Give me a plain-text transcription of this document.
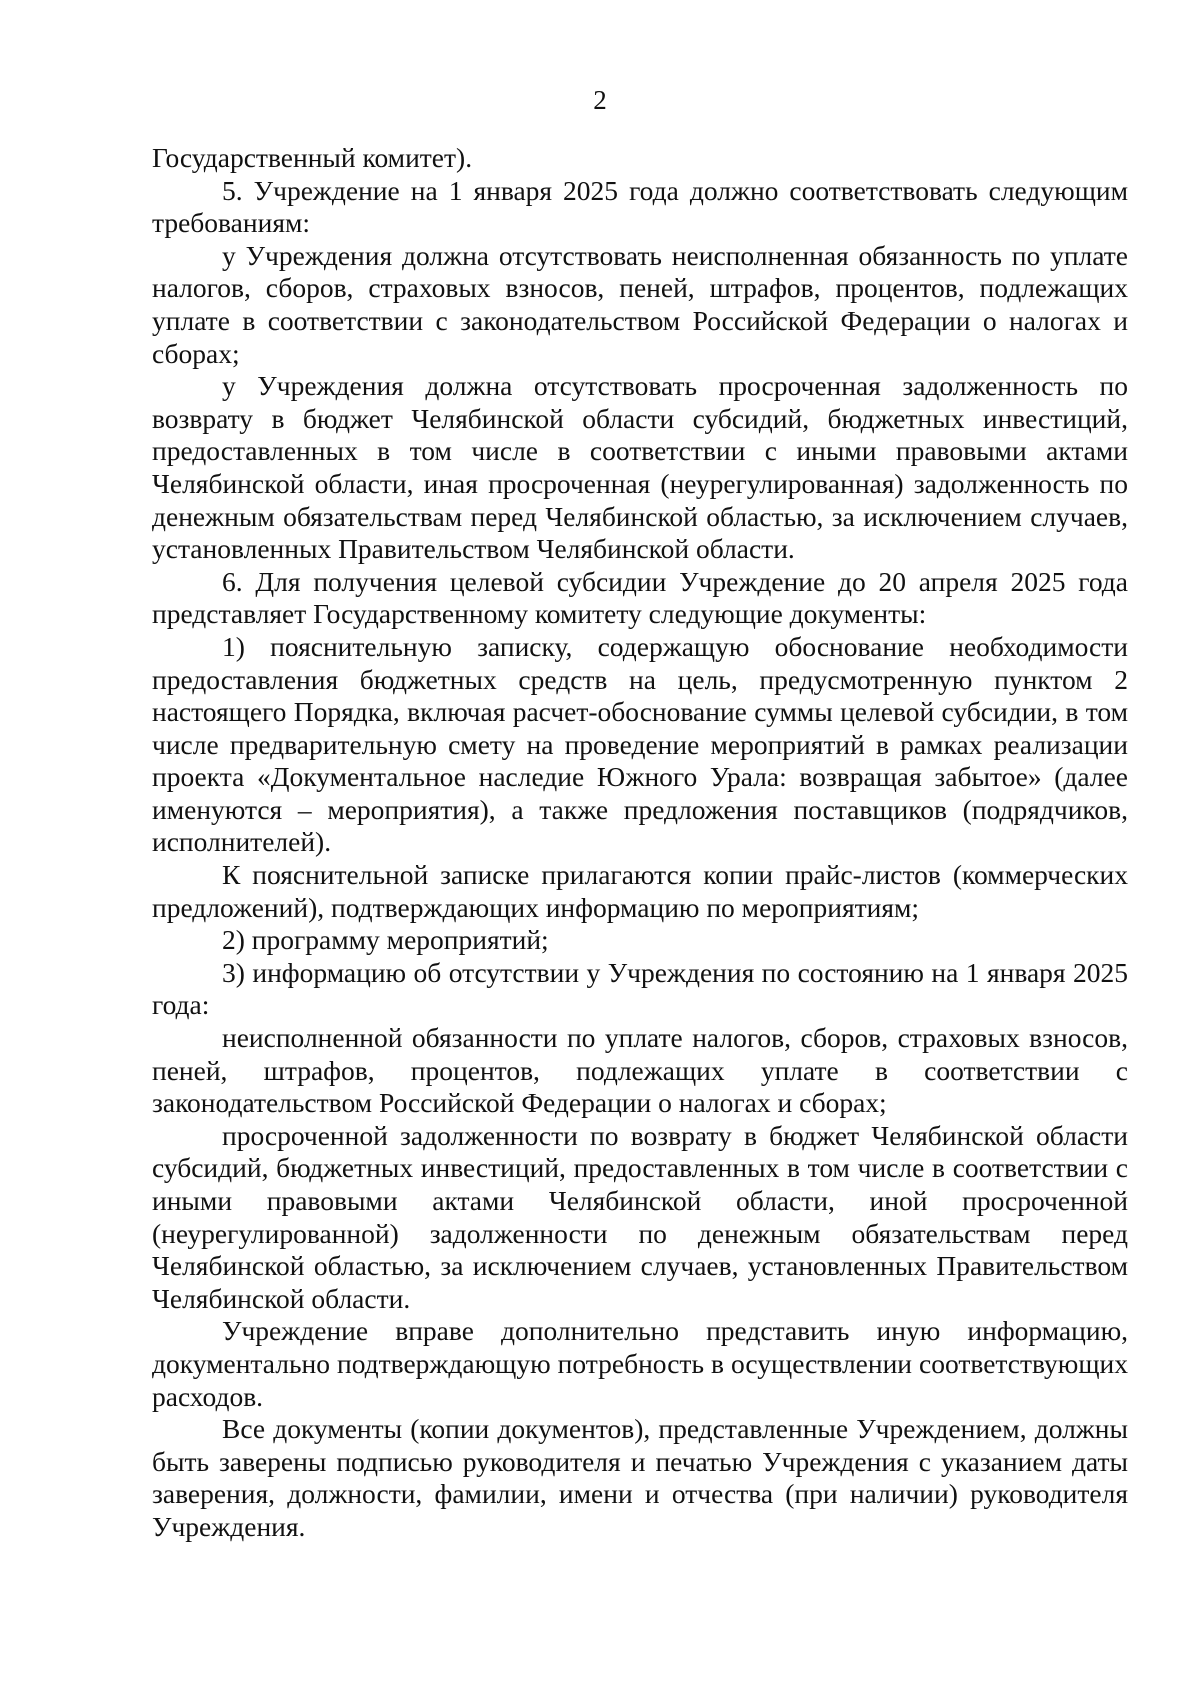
2

Государственный комитет).

5. Учреждение на 1 января 2025 года должно соответствовать следующим требованиям:

у Учреждения должна отсутствовать неисполненная обязанность по уплате налогов, сборов, страховых взносов, пеней, штрафов, процентов, подлежащих уплате в соответствии с законодательством Российской Федерации о налогах и сборах;

у Учреждения должна отсутствовать просроченная задолженность по возврату в бюджет Челябинской области субсидий, бюджетных инвестиций, предоставленных в том числе в соответствии с иными правовыми актами Челябинской области, иная просроченная (неурегулированная) задолженность по денежным обязательствам перед Челябинской областью, за исключением случаев, установленных Правительством Челябинской области.

6. Для получения целевой субсидии Учреждение до 20 апреля 2025 года представляет Государственному комитету следующие документы:

1) пояснительную записку, содержащую обоснование необходимости предоставления бюджетных средств на цель, предусмотренную пунктом 2 настоящего Порядка, включая расчет-обоснование суммы целевой субсидии, в том числе предварительную смету на проведение мероприятий в рамках реализации проекта «Документальное наследие Южного Урала: возвращая забытое» (далее именуются – мероприятия), а также предложения поставщиков (подрядчиков, исполнителей).

К пояснительной записке прилагаются копии прайс-листов (коммерческих предложений), подтверждающих информацию по мероприятиям;

2) программу мероприятий;

3) информацию об отсутствии у Учреждения по состоянию на 1 января 2025 года:

неисполненной обязанности по уплате налогов, сборов, страховых взносов, пеней, штрафов, процентов, подлежащих уплате в соответствии с законодательством Российской Федерации о налогах и сборах;

просроченной задолженности по возврату в бюджет Челябинской области субсидий, бюджетных инвестиций, предоставленных в том числе в соответствии с иными правовыми актами Челябинской области, иной просроченной (неурегулированной) задолженности по денежным обязательствам перед Челябинской областью, за исключением случаев, установленных Правительством Челябинской области.

Учреждение вправе дополнительно представить иную информацию, документально подтверждающую потребность в осуществлении соответствующих расходов.

Все документы (копии документов), представленные Учреждением, должны быть заверены подписью руководителя и печатью Учреждения с указанием даты заверения, должности, фамилии, имени и отчества (при наличии) руководителя Учреждения.
